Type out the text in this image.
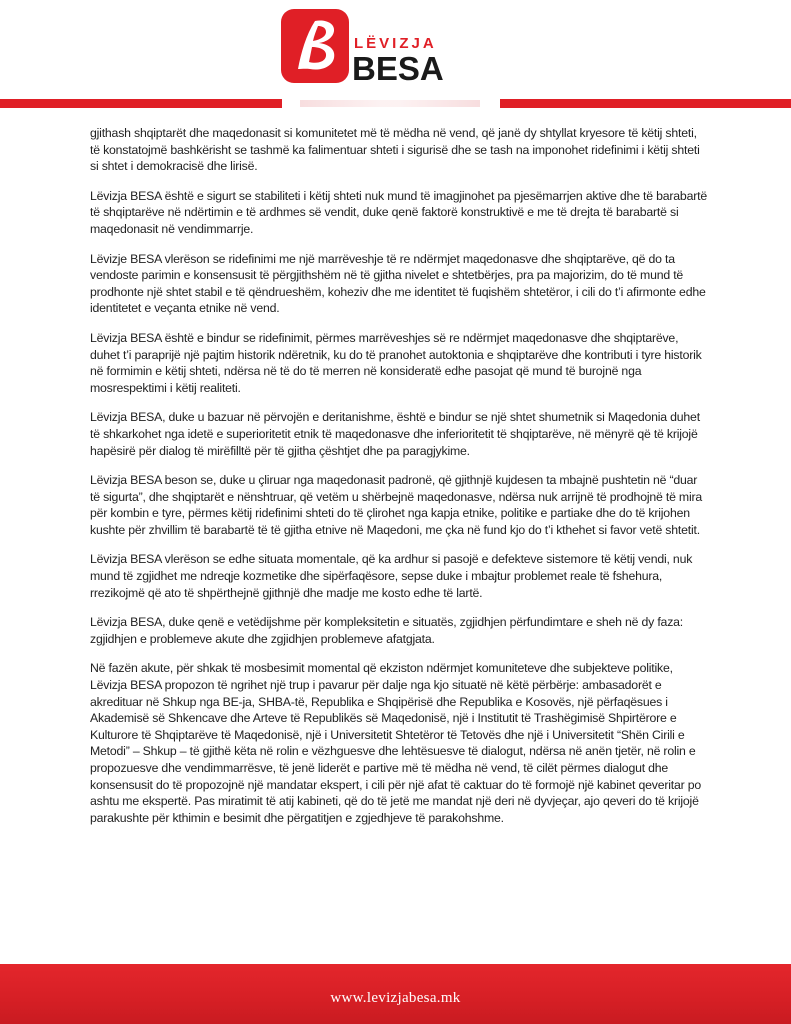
LËVIZJA
BESA

gjithash shqiptarët dhe maqedonasit si komunitetet më të mëdha në vend, që janë dy shtyllat kryesore të këtij shteti, të konstatojmë bashkërisht se tashmë ka falimentuar shteti i sigurisë dhe se tash na imponohet ridefinimi i këtij shteti si shtet i demokracisë dhe lirisë.

Lëvizja BESA është e sigurt se stabiliteti i këtij shteti nuk mund të imagjinohet pa pjesëmarrjen aktive dhe të barabartë të shqiptarëve në ndërtimin e të ardhmes së vendit, duke qenë faktorë konstruktivë e me të drejta të barabartë si maqedonasit në vendimmarrje.

Lëvizje BESA vlerëson se ridefinimi me një marrëveshje të re ndërmjet maqedonasve dhe shqiptarëve, që do ta vendoste parimin e konsensusit të përgjithshëm në të gjitha nivelet e shtetbërjes, pra pa majorizim, do të mund të prodhonte një shtet stabil e të qëndrueshëm, koheziv dhe me identitet të fuqishëm shtetëror, i cili do t’i afirmonte edhe identitetet e veçanta etnike në vend.

Lëvizja BESA është e bindur se ridefinimit, përmes marrëveshjes së re ndërmjet maqedonasve dhe shqiptarëve, duhet t’i paraprijë një pajtim historik ndëretnik, ku do të pranohet autoktonia e shqiptarëve dhe kontributi i tyre historik në formimin e këtij shteti, ndërsa në të do të merren në konsideratë edhe pasojat që mund të burojnë nga mosrespektimi i këtij realiteti.

Lëvizja BESA, duke u bazuar në përvojën e deritanishme, është e bindur se një shtet shumetnik si Maqedonia duhet të shkarkohet nga idetë e superioritetit etnik të maqedonasve dhe inferioritetit të shqiptarëve, në mënyrë që të krijojë hapësirë për dialog të mirëfilltë për të gjitha çështjet dhe pa paragjykime.

Lëvizja BESA beson se, duke u çliruar nga maqedonasit padronë, që gjithnjë kujdesen ta mbajnë pushtetin në “duar të sigurta”, dhe shqiptarët e nënshtruar, që vetëm u shërbejnë maqedonasve, ndërsa nuk arrijnë të prodhojnë të mira për kombin e tyre, përmes këtij ridefinimi shteti do të çlirohet nga kapja etnike, politike e partiake dhe do të krijohen kushte për zhvillim të barabartë të të gjitha etnive në Maqedoni, me çka në fund kjo do t’i kthehet si favor vetë shtetit.

Lëvizja BESA vlerëson se edhe situata momentale, që ka ardhur si pasojë e defekteve sistemore të këtij vendi, nuk mund të zgjidhet me ndreqje kozmetike dhe sipërfaqësore, sepse duke i mbajtur problemet reale të fshehura, rrezikojmë që ato të shpërthejnë gjithnjë dhe madje me kosto edhe të lartë.

Lëvizja BESA, duke qenë e vetëdijshme për kompleksitetin e situatës, zgjidhjen përfundimtare e sheh në dy faza: zgjidhjen e problemeve akute dhe zgjidhjen problemeve afatgjata.

Në fazën akute, për shkak të mosbesimit momental që ekziston ndërmjet komuniteteve dhe subjekteve politike, Lëvizja BESA propozon të ngrihet një trup i pavarur për dalje nga kjo situatë në këtë përbërje: ambasadorët e akredituar në Shkup nga BE-ja, SHBA-të, Republika e Shqipërisë dhe Republika e Kosovës, një përfaqësues i Akademisë së Shkencave dhe Arteve të Republikës së Maqedonisë, një i Institutit të Trashëgimisë Shpirtërore e Kulturore të Shqiptarëve të Maqedonisë, një i Universitetit Shtetëror të Tetovës dhe një i Universitetit “Shën Cirili e Metodi” – Shkup – të gjithë këta në rolin e vëzhguesve dhe lehtësuesve të dialogut, ndërsa në anën tjetër, në rolin e propozuesve dhe vendimmarrësve, të jenë liderët e partive më të mëdha në vend, të cilët përmes dialogut dhe konsensusit do të propozojnë një mandatar ekspert, i cili për një afat të caktuar do të formojë një kabinet qeveritar po ashtu me ekspertë. Pas miratimit të atij kabineti, që do të jetë me mandat një deri në dyvjeçar, ajo qeveri do të krijojë parakushte për kthimin e besimit dhe përgatitjen e zgjedhjeve të parakohshme.

www.levizjabesa.mk
